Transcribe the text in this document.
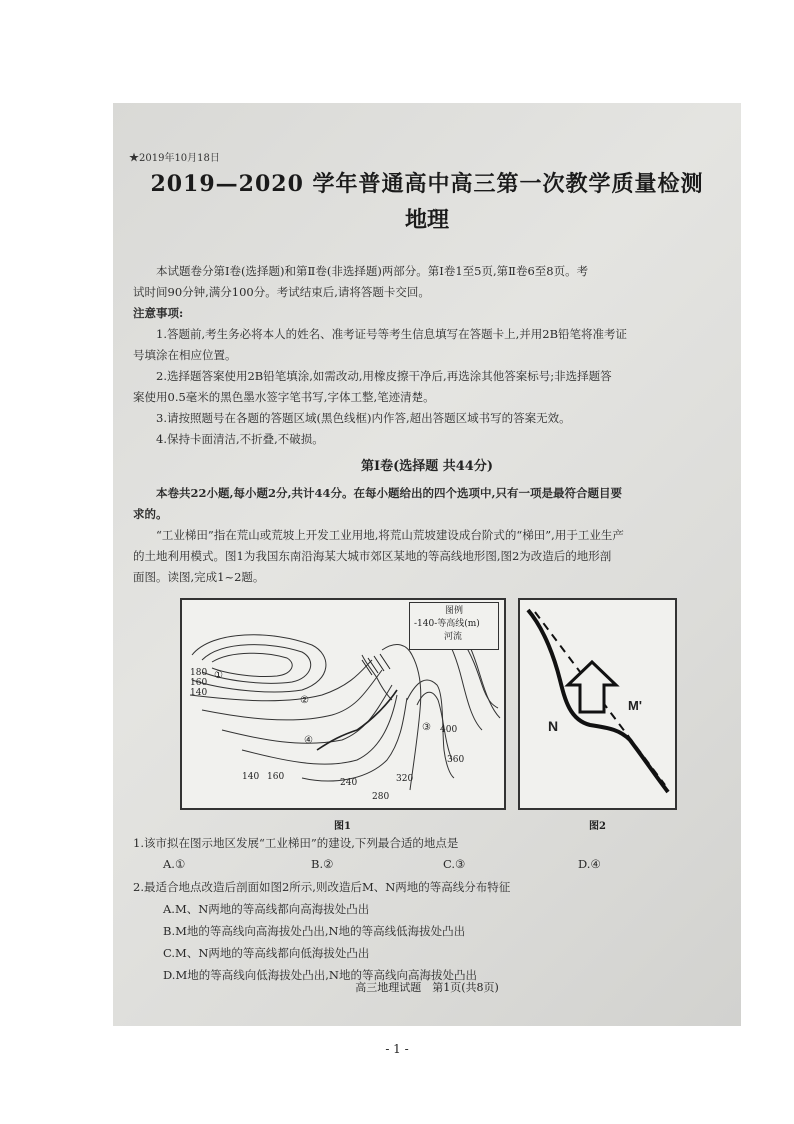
★2019年10月18日
2019—2020 学年普通高中高三第一次教学质量检测
地理
本试题卷分第Ⅰ卷(选择题)和第Ⅱ卷(非选择题)两部分。第Ⅰ卷1至5页,第Ⅱ卷6至8页。考
试时间90分钟,满分100分。考试结束后,请将答题卡交回。
注意事项:
1.答题前,考生务必将本人的姓名、准考证号等考生信息填写在答题卡上,并用2B铅笔将准考证
号填涂在相应位置。
2.选择题答案使用2B铅笔填涂,如需改动,用橡皮擦干净后,再选涂其他答案标号;非选择题答
案使用0.5毫米的黑色墨水签字笔书写,字体工整,笔迹清楚。
3.请按照题号在各题的答题区域(黑色线框)内作答,超出答题区域书写的答案无效。
4.保持卡面清洁,不折叠,不破损。
第Ⅰ卷(选择题 共44分)
本卷共22小题,每小题2分,共计44分。在每小题给出的四个选项中,只有一项是最符合题目要
求的。
“工业梯田”指在荒山或荒坡上开发工业用地,将荒山荒坡建设成台阶式的“梯田”,用于工业生产
的土地利用模式。图1为我国东南沿海某大城市郊区某地的等高线地形图,图2为改造后的地形剖
面图。读图,完成1~2题。
图例
-140-等高线(m)
河流
180
160
140
①
②
④
③
140 160
240
280
320
360
400
图1
N
M'
图2
1.该市拟在图示地区发展“工业梯田”的建设,下列最合适的地点是
A.①	B.②	C.③	D.④
2.最适合地点改造后剖面如图2所示,则改造后M、N两地的等高线分布特征
A.M、N两地的等高线都向高海拔处凸出
B.M地的等高线向高海拔处凸出,N地的等高线低海拔处凸出
C.M、N两地的等高线都向低海拔处凸出
D.M地的等高线向低海拔处凸出,N地的等高线向高海拔处凸出
高三地理试题　第1页(共8页)
- 1 -
